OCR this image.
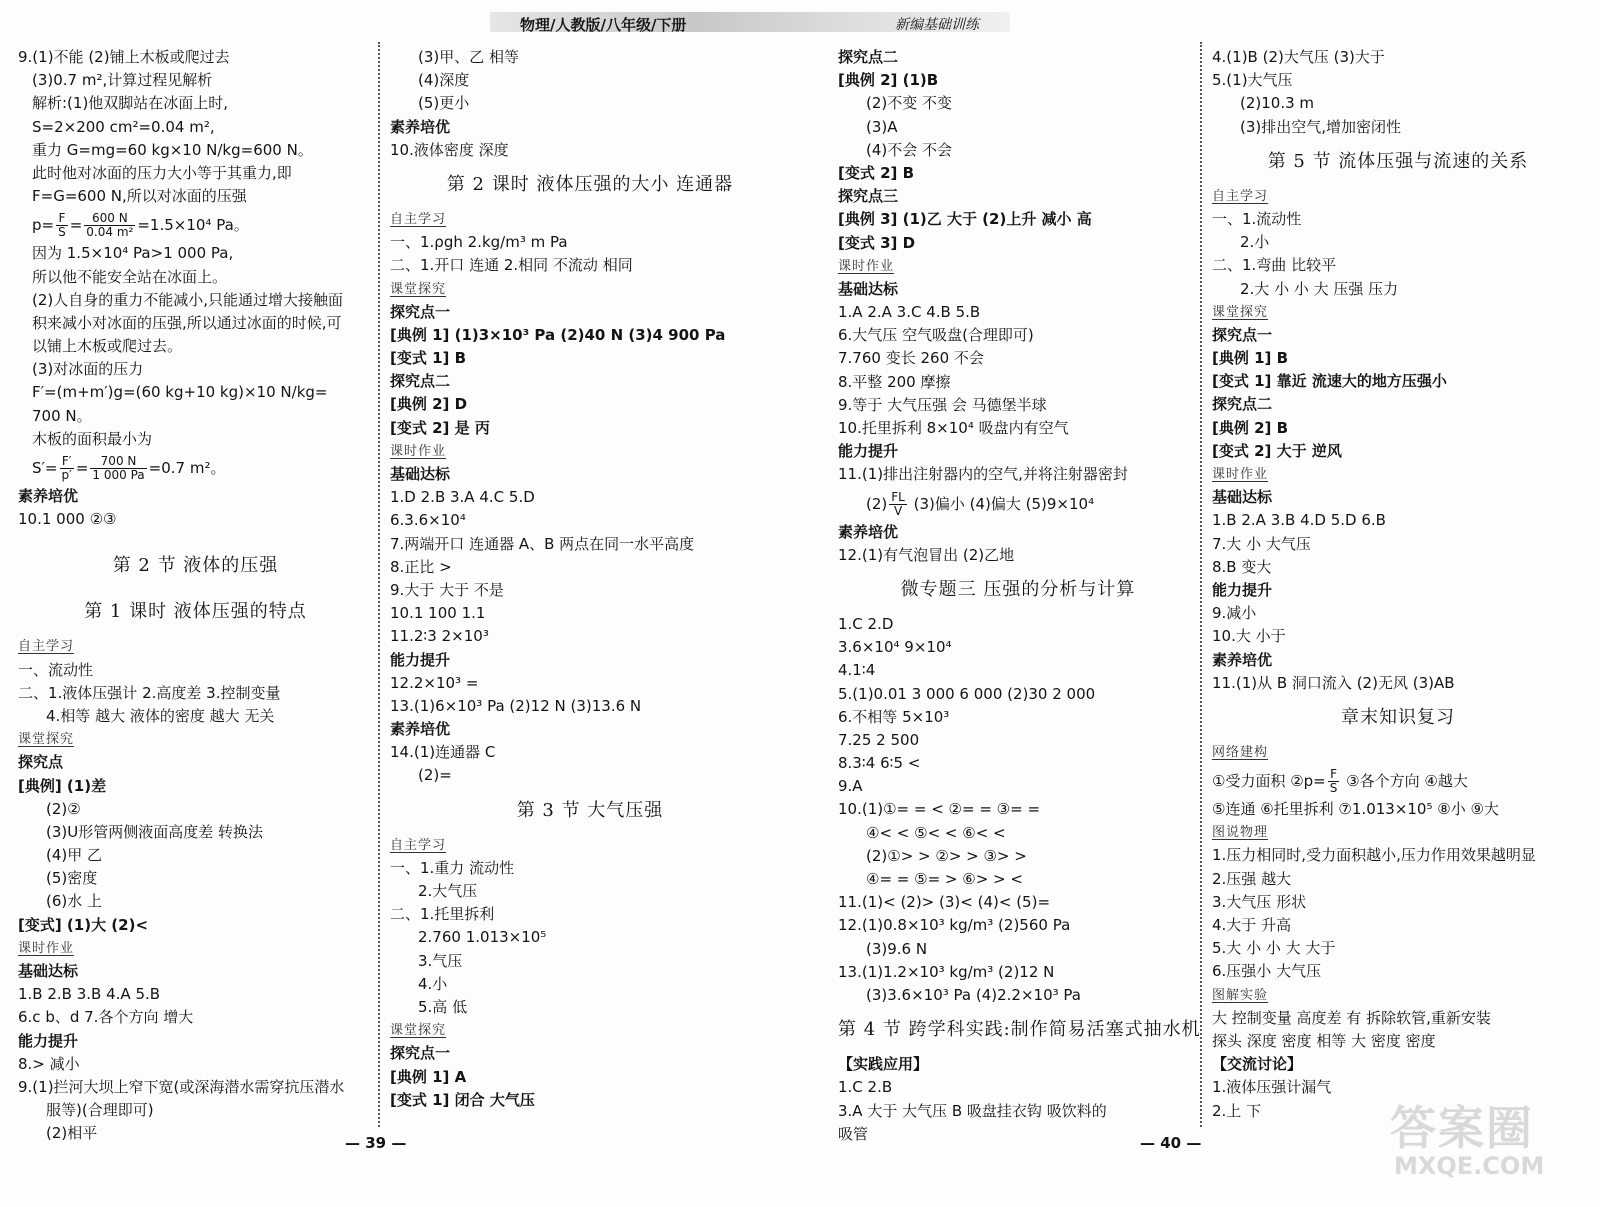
物理/人教版/八年级/下册	新编基础训练
9.(1)不能 (2)铺上木板或爬过去
(3)0.7 m²,计算过程见解析
解析:(1)他双脚站在冰面上时,
S=2×200 cm²=0.04 m²,
重力 G=mg=60 kg×10 N/kg=600 N。
此时他对冰面的压力大小等于其重力,即
F=G=600 N,所以对冰面的压强
$p= \frac{F}{S} = \frac{600 N}{\text{0.04 m²}} =1.5\times 10^4$ Pa。
因为 1.5×10⁴ Pa>1 000 Pa,
所以他不能安全站在冰面上。
(2)人自身的重力不能减小,只能通过增大接触面
积来减小对冰面的压强,所以通过冰面的时候,可
以铺上木板或爬过去。
(3)对冰面的压力
F′=(m+m′)g=(60 kg+10 kg)×10 N/kg=
700 N。
木板的面积最小为
$S'= \frac{F'}{p'} = \frac{700 N}{1 000 Pa} =0.7$ m²。
素养培优
10.1 000 ②③
第 2 节 液体的压强
第 1 课时 液体压强的特点
自主学习
一、流动性
二、1.液体压强计 2.高度差 3.控制变量
4.相等 越大 液体的密度 越大 无关
课堂探究
探究点
[典例] (1)差
(2)②
(3)U形管两侧液面高度差 转换法
(4)甲 乙
(5)密度
(6)水 上
[变式] (1)大 (2)<
课时作业
基础达标
1.B 2.B 3.B 4.A 5.B
6.c b、d 7.各个方向 增大
能力提升
8.> 减小
9.(1)拦河大坝上窄下宽(或深海潜水需穿抗压潜水
服等)(合理即可)
(2)相平
(3)甲、乙 相等
(4)深度
(5)更小
素养培优
10.液体密度 深度
第 2 课时 液体压强的大小 连通器
自主学习
一、1.ρgh 2.kg/m³ m Pa
二、1.开口 连通 2.相同 不流动 相同
课堂探究
探究点一
[典例 1] (1)3×10³ Pa (2)40 N (3)4 900 Pa
[变式 1] B
探究点二
[典例 2] D
[变式 2] 是 丙
课时作业
基础达标
1.D 2.B 3.A 4.C 5.D
6.3.6×10⁴
7.两端开口 连通器 A、B 两点在同一水平高度
8.正比 >
9.大于 大于 不是
10.1 100 1.1
11.2∶3 2×10³
能力提升
12.2×10³ =
13.(1)6×10³ Pa (2)12 N (3)13.6 N
素养培优
14.(1)连通器 C
(2)=
第 3 节 大气压强
自主学习
一、1.重力 流动性
2.大气压
二、1.托里拆利
2.760 1.013×10⁵
3.气压
4.小
5.高 低
课堂探究
探究点一
[典例 1] A
[变式 1] 闭合 大气压
探究点二
[典例 2] (1)B
(2)不变 不变
(3)A
(4)不会 不会
[变式 2] B
探究点三
[典例 3] (1)乙 大于 (2)上升 减小 高
[变式 3] D
课时作业
基础达标
1.A 2.A 3.C 4.B 5.B
6.大气压 空气吸盘(合理即可)
7.760 变长 260 不会
8.平整 200 摩擦
9.等于 大气压强 会 马德堡半球
10.托里拆利 8×10⁴ 吸盘内有空气
能力提升
11.(1)排出注射器内的空气,并将注射器密封
$(2) \frac{FL}{V} (3)$偏小 (4)偏大 (5)9×10⁴
素养培优
12.(1)有气泡冒出 (2)乙地
微专题三 压强的分析与计算
1.C 2.D
3.6×10⁴ 9×10⁴
4.1∶4
5.(1)0.01 3 000 6 000 (2)30 2 000
6.不相等 5×10³
7.25 2 500
8.3∶4 6∶5 <
9.A
10.(1)①= = < ②= = ③= =
④< < ⑤< < ⑥< <
(2)①> > ②> > ③> >
④= = ⑤= > ⑥> > <
11.(1)< (2)> (3)< (4)< (5)=
12.(1)0.8×10³ kg/m³ (2)560 Pa
(3)9.6 N
13.(1)1.2×10³ kg/m³ (2)12 N
(3)3.6×10³ Pa (4)2.2×10³ Pa
第 4 节 跨学科实践:制作简易活塞式抽水机
【实践应用】
1.C 2.B
3.A 大于 大气压 B 吸盘挂衣钩 吸饮料的
吸管
4.(1)B (2)大气压 (3)大于
5.(1)大气压
(2)10.3 m
(3)排出空气,增加密闭性
第 5 节 流体压强与流速的关系
自主学习
一、1.流动性
2.小
二、1.弯曲 比较平
2.大 小 小 大 压强 压力
课堂探究
探究点一
[典例 1] B
[变式 1] 靠近 流速大的地方压强小
探究点二
[典例 2] B
[变式 2] 大于 逆风
课时作业
基础达标
1.B 2.A 3.B 4.D 5.D 6.B
7.大 小 大气压
8.B 变大
能力提升
9.减小
10.大 小于
素养培优
11.(1)从 B 洞口流入 (2)无风 (3)AB
章末知识复习
网络建构
①受力面积 ②p= $\frac{F}{S}$ ③各个方向 ④越大
⑤连通 ⑥托里拆利 ⑦1.013×10⁵ ⑧小 ⑨大
图说物理
1.压力相同时,受力面积越小,压力作用效果越明显
2.压强 越大
3.大气压 形状
4.大于 升高
5.大 小 小 大 大于
6.压强小 大气压
图解实验
大 控制变量 高度差 有 拆除软管,重新安装
探头 深度 密度 相等 大 密度 密度
【交流讨论】
1.液体压强计漏气
2.上 下
— 39 —	— 40 —	答案圈
MXQE.COM
